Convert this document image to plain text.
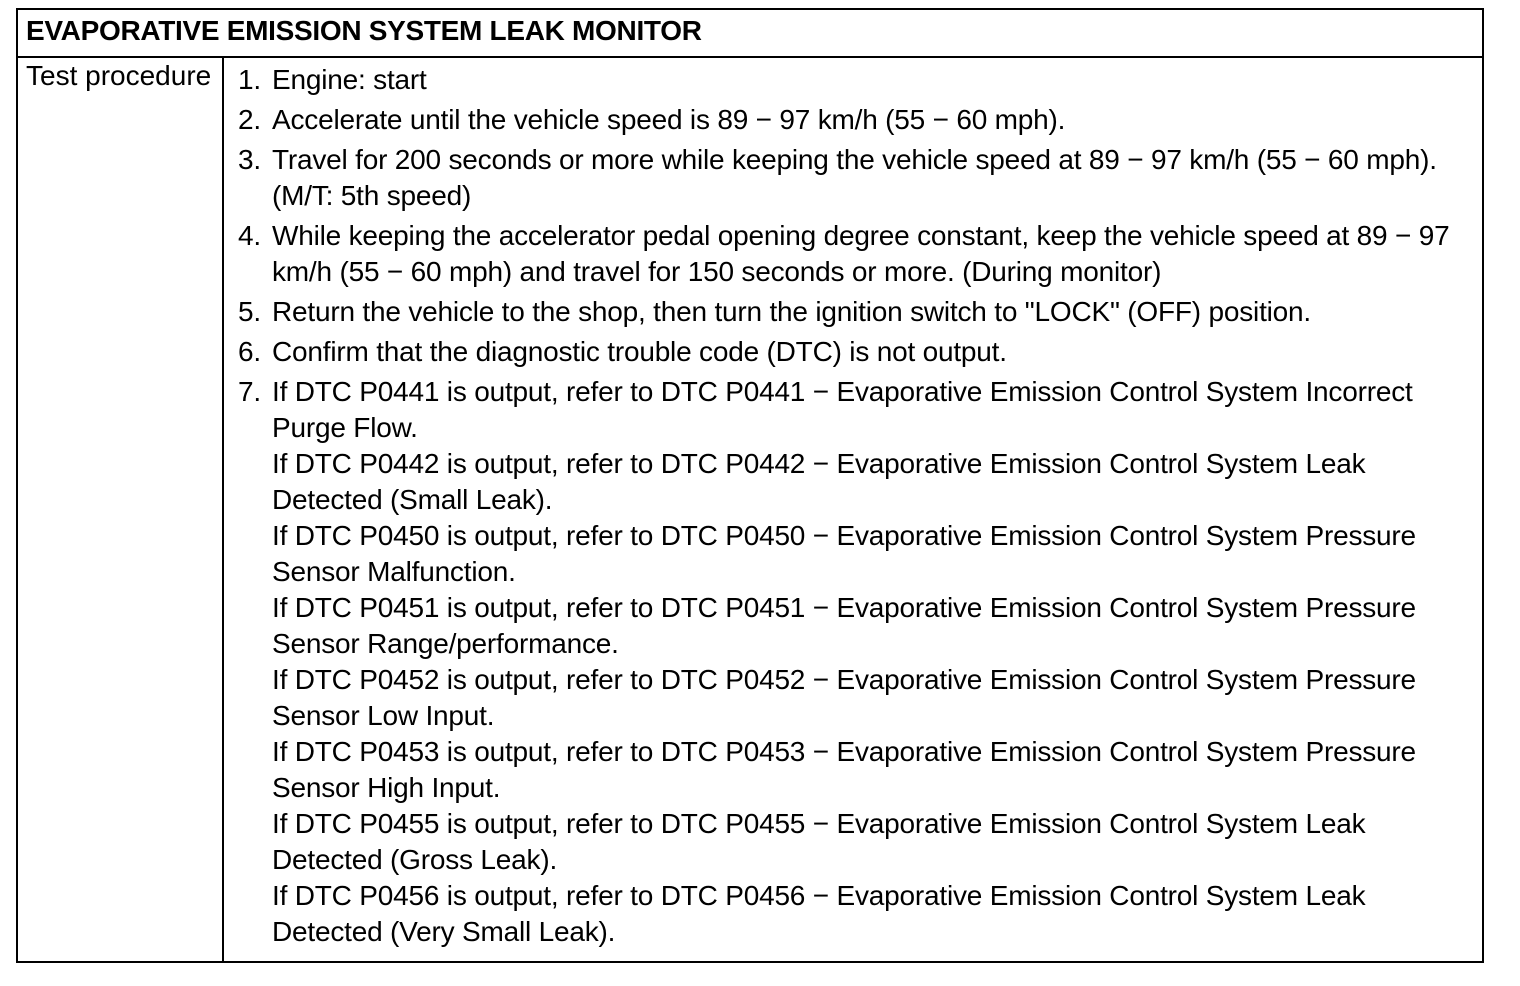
EVAPORATIVE EMISSION SYSTEM LEAK MONITOR
Test procedure 1. Engine: start
2. Accelerate until the vehicle speed is 89 − 97 km/h (55 − 60 mph).
3. Travel for 200 seconds or more while keeping the vehicle speed at 89 − 97 km/h (55 − 60 mph). (M/T: 5th speed)
4. While keeping the accelerator pedal opening degree constant, keep the vehicle speed at 89 − 97 km/h (55 − 60 mph) and travel for 150 seconds or more. (During monitor)
5. Return the vehicle to the shop, then turn the ignition switch to "LOCK" (OFF) position.
6. Confirm that the diagnostic trouble code (DTC) is not output.
7. If DTC P0441 is output, refer to DTC P0441 − Evaporative Emission Control System Incorrect Purge Flow.
If DTC P0442 is output, refer to DTC P0442 − Evaporative Emission Control System Leak Detected (Small Leak).
If DTC P0450 is output, refer to DTC P0450 − Evaporative Emission Control System Pressure Sensor Malfunction.
If DTC P0451 is output, refer to DTC P0451 − Evaporative Emission Control System Pressure Sensor Range/performance.
If DTC P0452 is output, refer to DTC P0452 − Evaporative Emission Control System Pressure Sensor Low Input.
If DTC P0453 is output, refer to DTC P0453 − Evaporative Emission Control System Pressure Sensor High Input.
If DTC P0455 is output, refer to DTC P0455 − Evaporative Emission Control System Leak Detected (Gross Leak).
If DTC P0456 is output, refer to DTC P0456 − Evaporative Emission Control System Leak Detected (Very Small Leak).
